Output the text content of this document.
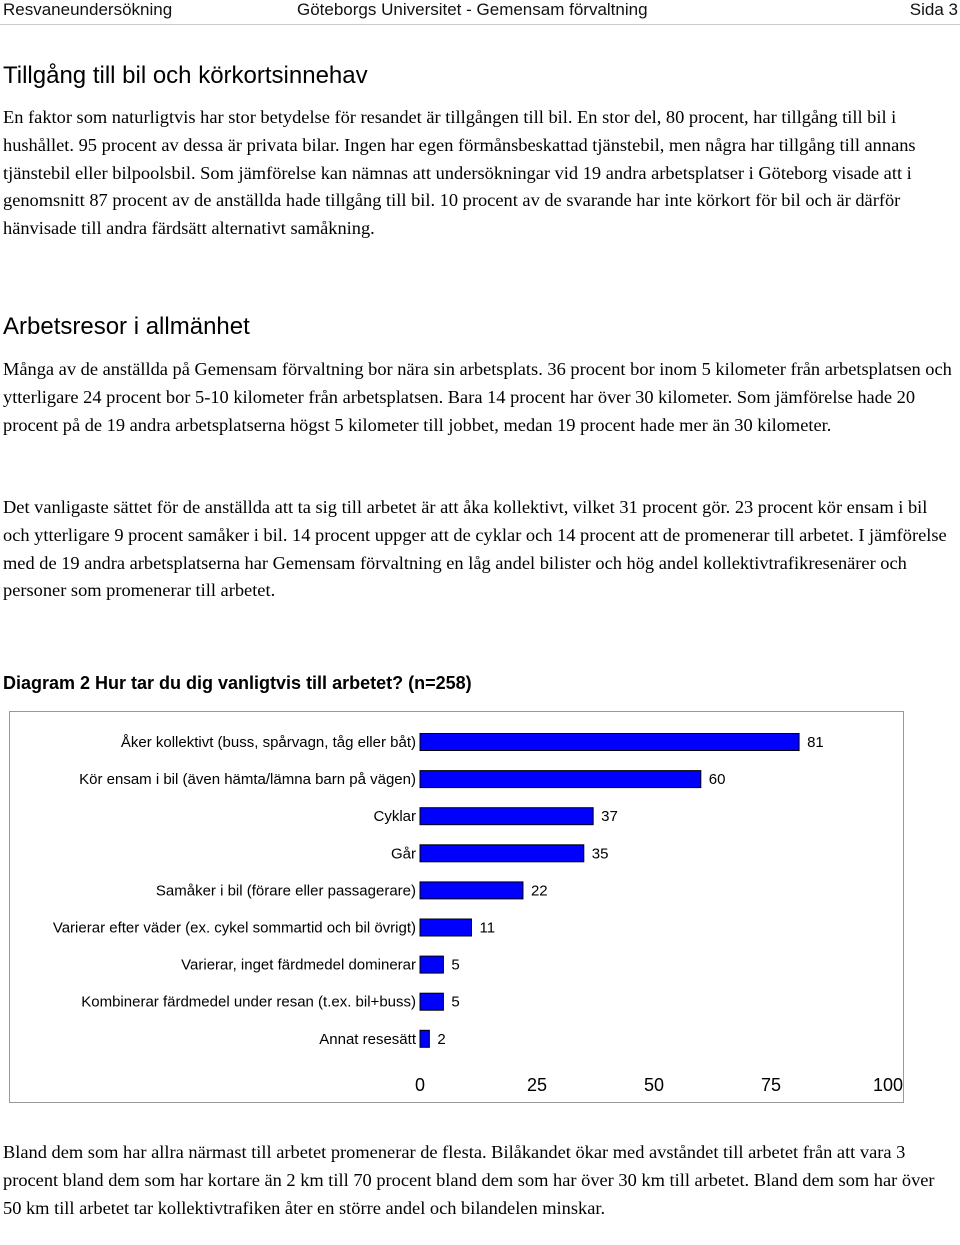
Resvaneundersökning	Göteborgs Universitet - Gemensam förvaltning	Sida 3
Tillgång till bil och körkortsinnehav

En faktor som naturligtvis har stor betydelse för resandet är tillgången till bil. En stor del, 80 procent, har tillgång till bil i hushållet. 95 procent av dessa är privata bilar. Ingen har egen förmånsbeskattad tjänstebil, men några har tillgång till annans tjänstebil eller bilpoolsbil. Som jämförelse kan nämnas att undersökningar vid 19 andra arbetsplatser i Göteborg visade att i genomsnitt 87 procent av de anställda hade tillgång till bil. 10 procent av de svarande har inte körkort för bil och är därför hänvisade till andra färdsätt alternativt samåkning.

Arbetsresor i allmänhet

Många av de anställda på Gemensam förvaltning bor nära sin arbetsplats. 36 procent bor inom 5 kilometer från arbetsplatsen och ytterligare 24 procent bor 5-10 kilometer från arbetsplatsen. Bara 14 procent har över 30 kilometer. Som jämförelse hade 20 procent på de 19 andra arbetsplatserna högst 5 kilometer till jobbet, medan 19 procent hade mer än 30 kilometer.

Det vanligaste sättet för de anställda att ta sig till arbetet är att åka kollektivt, vilket 31 procent gör. 23 procent kör ensam i bil och ytterligare 9 procent samåker i bil. 14 procent uppger att de cyklar och 14 procent att de promenerar till arbetet. I jämförelse med de 19 andra arbetsplatserna har Gemensam förvaltning en låg andel bilister och hög andel kollektivtrafikresenärer och personer som promenerar till arbetet.

Diagram 2 Hur tar du dig vanligtvis till arbetet? (n=258)

Åker kollektivt (buss, spårvagn, tåg eller båt)	81
Kör ensam i bil (även hämta/lämna barn på vägen)	60
Cyklar	37
Går	35
Samåker i bil (förare eller passagerare)	22
Varierar efter väder (ex. cykel sommartid och bil övrigt)	11
Varierar, inget färdmedel dominerar 5
Kombinerar färdmedel under resan (t.ex. bil+buss) 5
Annat resesätt 2
0	25	50	75	100

Bland dem som har allra närmast till arbetet promenerar de flesta. Bilåkandet ökar med avståndet till arbetet från att vara 3 procent bland dem som har kortare än 2 km till 70 procent bland dem som har över 30 km till arbetet. Bland dem som har över 50 km till arbetet tar kollektivtrafiken åter en större andel och bilandelen minskar.
